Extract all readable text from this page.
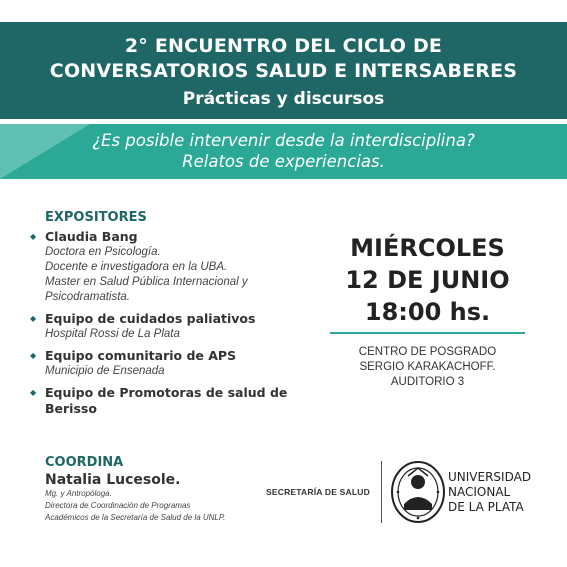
2° ENCUENTRO DEL CICLO DE
CONVERSATORIOS SALUD E INTERSABERES
Prácticas y discursos
¿Es posible intervenir desde la interdisciplina?
Relatos de experiencias.
EXPOSITORES
◆ Claudia Bang
Doctora en Psicología.
Docente e investigadora en la UBA.
Master en Salud Pública Internacional y
Psicodramatista.
◆ Equipo de cuidados paliativos
Hospital Rossi de La Plata
◆ Equipo comunitario de APS
Municipio de Ensenada
◆ Equipo de Promotoras de salud de
Berisso
MIÉRCOLES
12 DE JUNIO
18:00 hs.
CENTRO DE POSGRADO
SERGIO KARAKACHOFF.
AUDITORIO 3
COORDINA
Natalia Lucesole.
Mg. y Antropóloga.
Directora de Coordinación de Programas
Académicos de la Secretaría de Salud de la UNLP.
SECRETARÍA DE SALUD
UNIVERSIDAD
NACIONAL
DE LA PLATA
